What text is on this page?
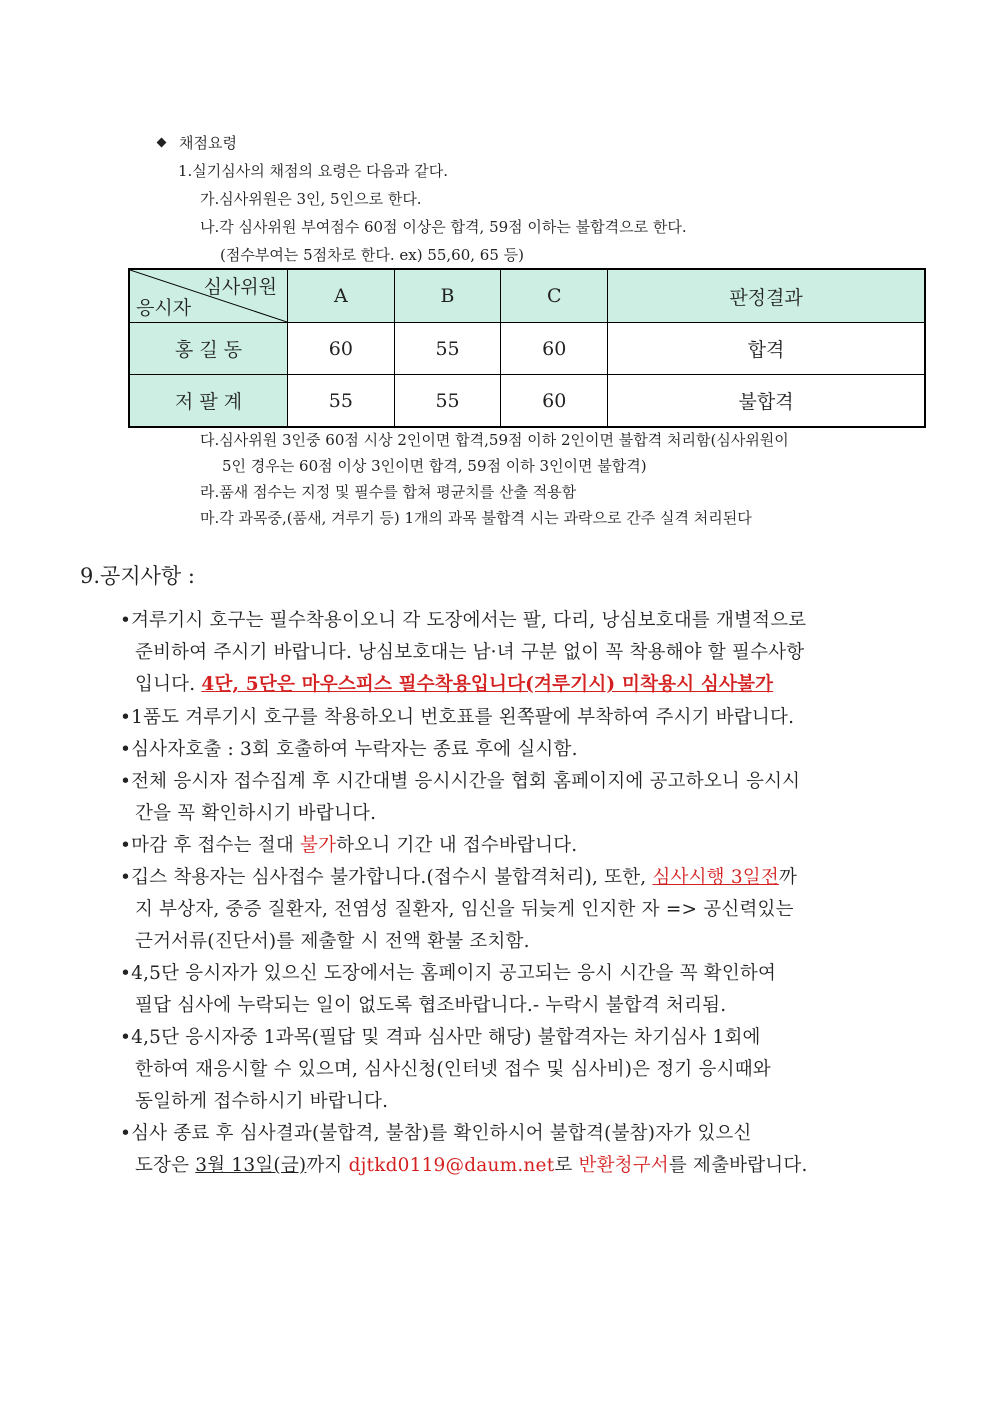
채점요령
1.실기심사의 채점의 요령은 다음과 같다.
가.심사위원은 3인, 5인으로 한다.
나.각 심사위원 부여점수 60점 이상은 합격, 59점 이하는 불합격으로 한다.
(점수부여는 5점차로 한다. ex) 55,60, 65 등)
심사위원
응시자	A	B	C	판정결과
홍 길 동	60	55	60	합격
저 팔 계	55	55	60	불합격
다.심사위원 3인중 60점 시상 2인이면 합격,59점 이하 2인이면 불합격 처리함(심사위원이
5인 경우는 60점 이상 3인이면 합격, 59점 이하 3인이면 불합격)
라.품새 점수는 지정 및 필수를 합쳐 평균치를 산출 적용함
마.각 과목중,(품새, 겨루기 등) 1개의 과목 불합격 시는 과락으로 간주 실격 처리된다
9.공지사항 :
•겨루기시 호구는 필수착용이오니 각 도장에서는 팔, 다리, 낭심보호대를 개별적으로
준비하여 주시기 바랍니다. 낭심보호대는 남·녀 구분 없이 꼭 착용해야 할 필수사항
입니다. 4단, 5단은 마우스피스 필수착용입니다(겨루기시) 미착용시 심사불가
•1품도 겨루기시 호구를 착용하오니 번호표를 왼쪽팔에 부착하여 주시기 바랍니다.
•심사자호출 : 3회 호출하여 누락자는 종료 후에 실시함.
•전체 응시자 접수집계 후 시간대별 응시시간을 협회 홈페이지에 공고하오니 응시시
간을 꼭 확인하시기 바랍니다.
•마감 후 접수는 절대 불가하오니 기간 내 접수바랍니다.
•깁스 착용자는 심사접수 불가합니다.(접수시 불합격처리), 또한, 심사시행 3일전까
지 부상자, 중증 질환자, 전염성 질환자, 임신을 뒤늦게 인지한 자 => 공신력있는
근거서류(진단서)를 제출할 시 전액 환불 조치함.
•4,5단 응시자가 있으신 도장에서는 홈페이지 공고되는 응시 시간을 꼭 확인하여
필답 심사에 누락되는 일이 없도록 협조바랍니다.- 누락시 불합격 처리됨.
•4,5단 응시자중 1과목(필답 및 격파 심사만 해당) 불합격자는 차기심사 1회에
한하여 재응시할 수 있으며, 심사신청(인터넷 접수 및 심사비)은 정기 응시때와
동일하게 접수하시기 바랍니다.
•심사 종료 후 심사결과(불합격, 불참)를 확인하시어 불합격(불참)자가 있으신
도장은 3월 13일(금)까지 djtkd0119@daum.net로 반환청구서를 제출바랍니다.
